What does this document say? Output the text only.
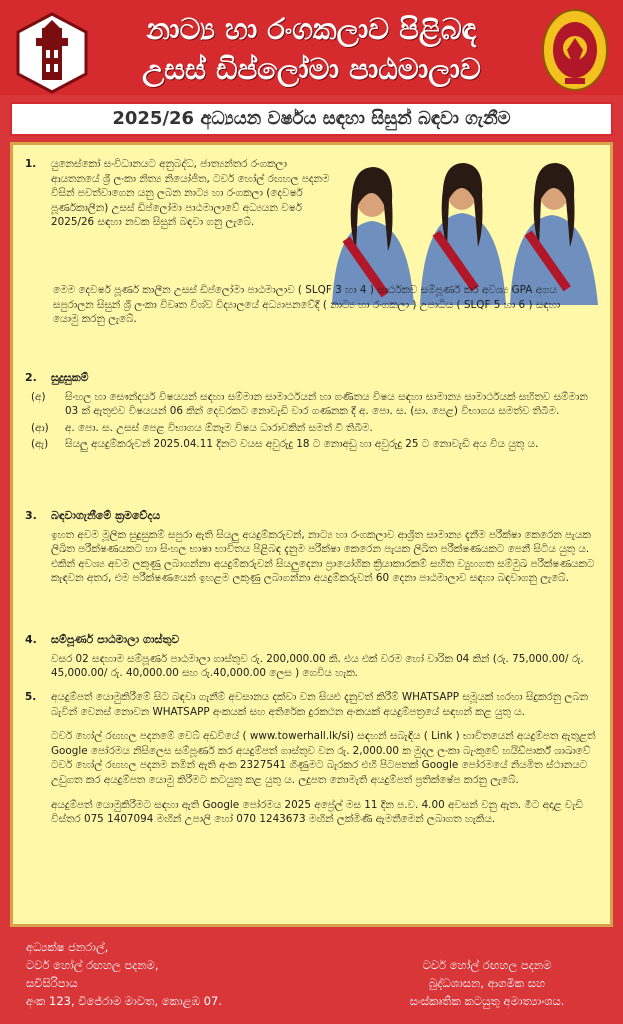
නාට්‍ය හා රංගකලාව පිළිබඳ
උසස් ඩිප්ලෝමා පාඨමාලාව
2025/26 අධ්‍යයන වර්ෂය සඳහා සිසුන් බඳවා ගැනීම
1.	යුනෙස්කෝ සංවිධානයට අනුබද්ධ, ජාත්‍යන්තර රංගකලා ආයතනයේ ශ්‍රී ලංකා නිත්‍ය නියෝජිත, ටවර් හෝල් රඟහල පදනම විසින් පවත්වාගෙන යනු ලබන නාට්‍ය හා රංගකලා (දෙවර්ෂ පූර්ණකාලීන) උසස් ඩිප්ලෝමා පාඨමාලාවේ අධ්‍යයන වර්ෂ 2025/26 සඳහා නවක සිසුන් බඳවා ගනු ලැබේ.
මෙම දෙවර්ෂ පූර්ණ කාලීන උසස් ඩිප්ලෝමා පාඨමාලාව ( SLQF 3 හා 4 ) සාර්ථකව සම්පූර්ණ කර අවශ්‍ය GPA අගය සපුරාලන සිසුන් ශ්‍රී ලංකා විවෘත විශ්ව විද්‍යාලයේ අධ්‍යාපනවේදී ( නාට්‍ය හා රංගකලා ) උපාධිය ( SLQF 5 හා 6 ) සඳහා යොමු කරනු ලැබේ.
2.	සුදුසුකම්
(අ)	සිංහල හා සෞන්දර්ය විෂයයන් සඳහා සම්මාන සාමාර්ථයන් හා ගණිතය විෂය සඳහා සාමාන්‍ය සාමාර්ථයක් සහිතව සම්මාන 03 ක් ඇතුළුව විෂයයන් 06 කින් දෙවරකට නොවැඩි වාර ගණනක දී අ. පො. ස. (සා. පෙළ) විභාගය සමත්ව තිබීම.
(ආ)	අ. පො. ස. උසස් පෙළ විභාගය ඕනෑම විෂය ධාරාවකින් සමත් වී තිබීම.
(ඇ)	සියලු අයදුම්කරුවන් 2025.04.11 දිනට වයස අවුරුදු 18 ට නොඅඩු හා අවුරුදු 25 ට නොවැඩි අය විය යුතු ය.
3.	බඳවාගැනීමේ ක්‍රමවේදය
ඉහත අවම මූලික සුදුසුකම් සපුරා ඇති සියලු අයදුම්කරුවන්, නාට්‍ය හා රංගකලාව ආශ්‍රිත සාමාන්‍ය දැනීම පරීක්ෂා කෙරෙන පැයක ලිඛිත පරීක්ෂණයකට හා සිංහල භාෂා භාවිතය පිළිබඳ දැනුම පරීක්ෂා කෙරෙන පැයක ලිඛිත පරීක්ෂණයකට පෙනී සිටිය යුතු ය. එකින් අවශ්‍ය අවම ලකුණු ලබාගන්නා අයදුම්කරුවන් සියලුදෙනා ප්‍රායෝගික ක්‍රියාකාරකම් සහිත ව්‍යුහගත සම්මුඛ පරීක්ෂණයකට කැඳවන අතර, එම පරීක්ෂණයෙන් ඉහළම ලකුණු ලබාගන්නා අයදුම්කරුවන් 60 දෙනා පාඨමාලාව සඳහා බඳවාගනු ලැබේ.
4.	සම්පූර්ණ පාඨමාලා ගාස්තුව
වසර 02 සඳහාම සම්පූර්ණ පාඨමාලා ගාස්තුව රු. 200,000.00 කි. එය එක් වරම හෝ වාරික 04 කින් (රු. 75,000.00/ රු. 45,000.00/ රු. 40,000.00 සහ රු.40,000.00 ලෙස ) ගෙවිය හැක.
5.	අයදුම්පත් යොමුකිරීමේ සිට බඳවා ගැනීම් අවසානය දක්වා වන සියළු දැනුවත් කිරීම් WHATSAPP සමූයක් හරහා සිදුකරනු ලබන බැවින් වෙනස් නොවන WHATSAPP අංකයක් සහ අතිරේක දුරකථන අංකයක් අයදුම්පත්‍රයේ සඳහන් කළ යුතු ය.
ටවර් හෝල් රඟහල පදනමේ වෙබ් අඩවියේ ( www.towerhall.lk/si) සඳහන් සබැඳිය ( Link ) භාවිතයෙන් අයදුම්පත ඇතුළත් Google පෝරමය නිසිලෙස සම්පූර්ණ කර අයදුම්පත් ගාස්තුව වන රු. 2,000.00 ක මුදල ලංකා බැංකුවේ හයිඩ්පාර්ක් ශාඛාවේ ටවර් හෝල් රඟහල පදනම නමින් ඇති අංක 2327541 ගිණුමට බැරකර එහි පිටපතක් Google පෝරමයේ නියමිත ස්ථානයට උඩුගත කර අයදුම්පත යොමු කිරීමට කටයුතු කළ යුතු ය. ලදුපත නොමැති අයදුම්පත් ප්‍රතික්ෂේප කරනු ලැබේ.
අයදුම්පත් යොමුකිරීමට සඳහා ඇති Google පෝරමය 2025 අප්‍රේල් මස 11 දින ප.ව. 4.00 අවසන් වනු ඇත. මීට අදාළ වැඩි විස්තර 075 1407094 මඟින් උපාලි හෝ 070 1243673 මඟින් ලක්මිණි ඇමතීමෙන් ලබාගත හැකිය.
අධ්‍යක්ෂ ජනරාල්,
ටවර් හෝල් රඟහල පදනම,
සවිසිරිපාය
අංක 123, විජේරාම මාවත, කොළඹ 07.
ටවර් හෝල් රඟහල පදනම
බුද්ධශාසන, ආගමික සහ
සංස්කෘතික කටයුතු අමාත්‍යාංශය.
